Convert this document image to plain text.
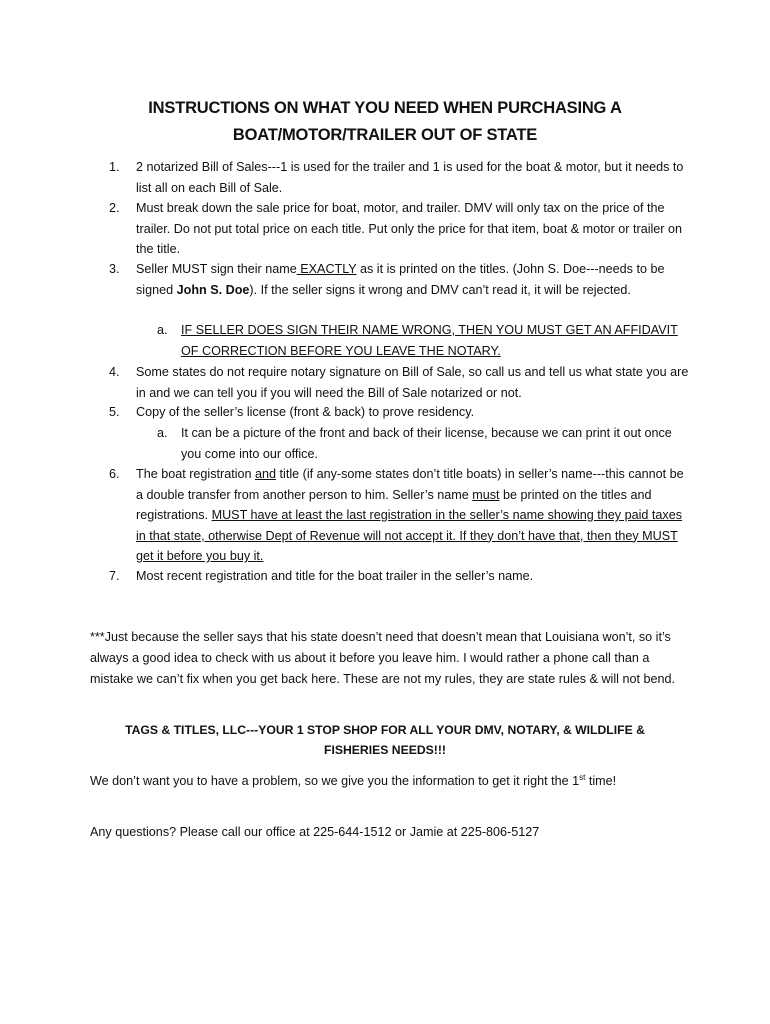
INSTRUCTIONS ON WHAT YOU NEED WHEN PURCHASING A
BOAT/MOTOR/TRAILER OUT OF STATE
1.	2 notarized Bill of Sales---1 is used for the trailer and 1 is used for the boat & motor, but it needs to list all on each Bill of Sale.
2.	Must break down the sale price for boat, motor, and trailer. DMV will only tax on the price of the trailer. Do not put total price on each title. Put only the price for that item, boat & motor or trailer on the title.
3.	Seller MUST sign their name EXACTLY as it is printed on the titles. (John S. Doe---needs to be signed John S. Doe). If the seller signs it wrong and DMV can’t read it, it will be rejected.
a.	IF SELLER DOES SIGN THEIR NAME WRONG, THEN YOU MUST GET AN AFFIDAVIT OF CORRECTION BEFORE YOU LEAVE THE NOTARY.
4.	Some states do not require notary signature on Bill of Sale, so call us and tell us what state you are in and we can tell you if you will need the Bill of Sale notarized or not.
5.	Copy of the seller’s license (front & back) to prove residency.
a.	It can be a picture of the front and back of their license, because we can print it out once you come into our office.
6.	The boat registration and title (if any-some states don’t title boats) in seller’s name---this cannot be a double transfer from another person to him. Seller’s name must be printed on the titles and registrations. MUST have at least the last registration in the seller’s name showing they paid taxes in that state, otherwise Dept of Revenue will not accept it. If they don’t have that, then they MUST get it before you buy it.
7.	Most recent registration and title for the boat trailer in the seller’s name.
***Just because the seller says that his state doesn’t need that doesn’t mean that Louisiana won’t, so it’s always a good idea to check with us about it before you leave him. I would rather a phone call than a mistake we can’t fix when you get back here. These are not my rules, they are state rules & will not bend.
TAGS & TITLES, LLC---YOUR 1 STOP SHOP FOR ALL YOUR DMV, NOTARY, & WILDLIFE &
FISHERIES NEEDS!!!
We don’t want you to have a problem, so we give you the information to get it right the 1st time!
Any questions? Please call our office at 225-644-1512 or Jamie at 225-806-5127
